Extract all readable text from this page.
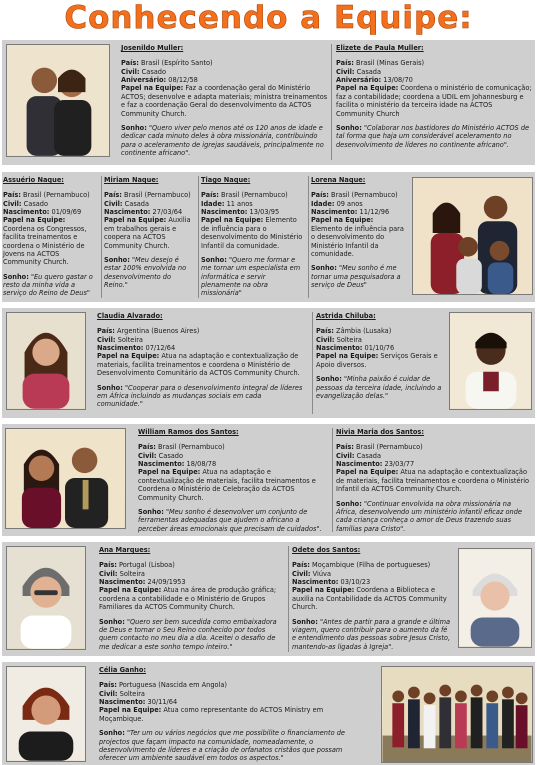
Conhecendo a Equipe:
Josenildo Muller:
País: Brasil (Espírito Santo)
Civil: Casado
Aniversário: 08/12/58
Papel na Equipe: Faz a coordenação geral do Ministério ACTOS; desenvolve e adapta materiais; ministra treinamentos e faz a coordenação Geral do desenvolvimento da ACTOS Community Church.
Sonho: "Quero viver pelo menos até os 120 anos de idade e dedicar cada minuto deles à obra missionária, contribuindo para o aceleramento de igrejas saudáveis, principalmente no continente africano".
Elizete de Paula Muller:
País: Brasil (Minas Gerais)
Civil: Casada
Aniversário: 13/08/70
Papel na Equipe: Coordena o ministério de comunicação; faz a contabilidade; coordena a UDIL em Johannesburg e facilita o ministério da terceira idade na ACTOS Community Church
Sonho: "Colaborar nos bastidores do Ministério ACTOS de tal forma que haja um considerável aceleramento no desenvolvimento de líderes no continente africano".
Assuério Naque:
País: Brasil (Pernambuco)
Civil: Casado
Nascimento: 01/09/69
Papel na Equipe: Coordena os Congressos, facilita treinamentos e coordena o Ministério de Jovens na ACTOS Community Church.
Sonho: "Eu quero gastar o resto da minha vida a serviço do Reino de Deus"
Miriam Naque:
País: Brasil (Pernambuco)
Civil: Casada
Nascimento: 27/03/64
Papel na Equipe: Auxilia em trabalhos gerais e coopera na ACTOS Community Church.
Sonho: "Meu desejo é estar 100% envolvida no desenvolvimento do Reino."
Tiago Naque:
País: Brasil (Pernambuco)
Idade: 11 anos
Nascimento: 13/03/95
Papel na Equipe: Elemento de influência para o desenvolvimento do Ministério Infantil da comunidade.
Sonho: "Quero me formar e me tornar um especialista em informática e servir plenamente na obra missionária"
Lorena Naque:
País: Brasil (Pernambuco)
Idade: 09 anos
Nascimento: 11/12/96
Papel na Equipe: Elemento de influência para o desenvolvimento do Ministério Infantil da comunidade.
Sonho: "Meu sonho é me tornar uma pesquisadora a serviço de Deus"
Claudia Alvarado:
País: Argentina (Buenos Aires)
Civil: Solteira
Nascimento: 07/12/64
Papel na Equipe: Atua na adaptação e contextualização de materiais, facilita treinamentos e coordena o Ministério de Desenvolvimento Comunitário da ACTOS Community Church.
Sonho: "Cooperar para o desenvolvimento integral de líderes em África incluindo as mudanças sociais em cada comunidade."
Astrida Chiluba:
País: Zâmbia (Lusaka)
Civil: Solteira
Nascimento: 01/10/76
Papel na Equipe: Serviços Gerais e Apoio diversos.
Sonho: "Minha paixão é cuidar de pessoas da terceira idade, incluindo a evangelização delas."
William Ramos dos Santos:
País: Brasil (Pernambuco)
Civil: Casado
Nascimento: 18/08/78
Papel na Equipe: Atua na adaptação e contextualização de materiais, facilita treinamentos e Coordena o Ministério de Celebração da ACTOS Community Church.
Sonho: "Meu sonho é desenvolver um conjunto de ferramentas adequadas que ajudem o africano a perceber áreas emocionais que precisam de cuidados".
Nivia Maria dos Santos:
País: Brasil (Pernambuco)
Civil: Casada
Nascimento: 23/03/77
Papel na Equipe: Atua na adaptação e contextualização de materiais, facilita treinamentos e coordena o Ministério Infantil da ACTOS Community Church.
Sonho: "Continuar envolvida na obra missionária na África, desenvolvendo um ministério infantil eficaz onde cada criança conheça o amor de Deus trazendo suas famílias para Cristo".
Ana Marques:
País: Portugal (Lisboa)
Civil: Solteira
Nascimento: 24/09/1953
Papel na Equipe: Atua na área de produção gráfica; coordena a contabilidade e o Ministério de Grupos Familiares da ACTOS Community Church.
Sonho: "Quero ser bem sucedida como embaixadora de Deus e tornar o Seu Reino conhecido por todos quem contacto no meu dia a dia. Aceitei o desafio de me dedicar a este sonho tempo inteiro."
Odete dos Santos:
País: Moçambique (Filha de portugueses)
Civil: Viúva
Nascimento: 03/10/23
Papel na Equipe: Coordena a Biblioteca e auxilia na Contabilidade da ACTOS Community Church.
Sonho: "Antes de partir para a grande e última viagem, quero contribuir para o aumento da fé e entendimento das pessoas sobre Jesus Cristo, mantendo-as ligadas à Igreja".
Célia Ganho:
País: Portuguesa (Nascida em Angola)
Civil: Solteira
Nascimento: 30/11/64
Papel na Equipe: Atua como representante do ACTOS Ministry em Moçambique.
Sonho: "Ter um ou vários negócios que me possibilite o financiamento de projectos que façam impacto na comunidade, nomeadamente, o desenvolvimento de líderes e a criação de orfanatos cristãos que possam oferecer um ambiente saudável em todos os aspectos."
